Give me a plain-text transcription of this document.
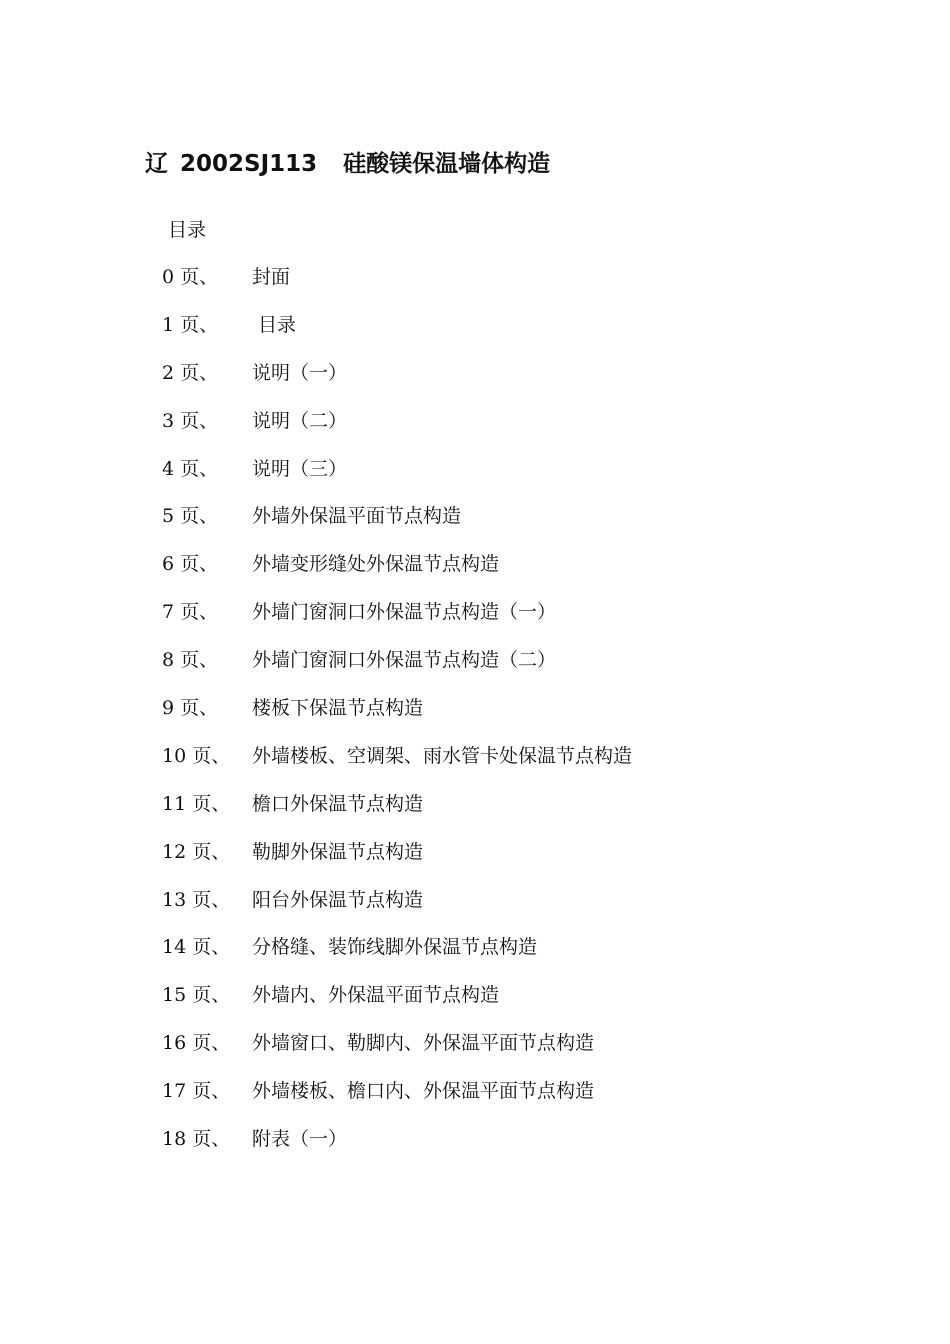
辽 2002SJ113 硅酸镁保温墙体构造
目录
0 页、	封面
1 页、	目录
2 页、	说明（一）
3 页、	说明（二）
4 页、	说明（三）
5 页、	外墙外保温平面节点构造
6 页、	外墙变形缝处外保温节点构造
7 页、	外墙门窗洞口外保温节点构造（一）
8 页、	外墙门窗洞口外保温节点构造（二）
9 页、	楼板下保温节点构造
10 页、	外墙楼板、空调架、雨水管卡处保温节点构造
11 页、	檐口外保温节点构造
12 页、	勒脚外保温节点构造
13 页、	阳台外保温节点构造
14 页、	分格缝、装饰线脚外保温节点构造
15 页、	外墙内、外保温平面节点构造
16 页、	外墙窗口、勒脚内、外保温平面节点构造
17 页、	外墙楼板、檐口内、外保温平面节点构造
18 页、	附表（一）
